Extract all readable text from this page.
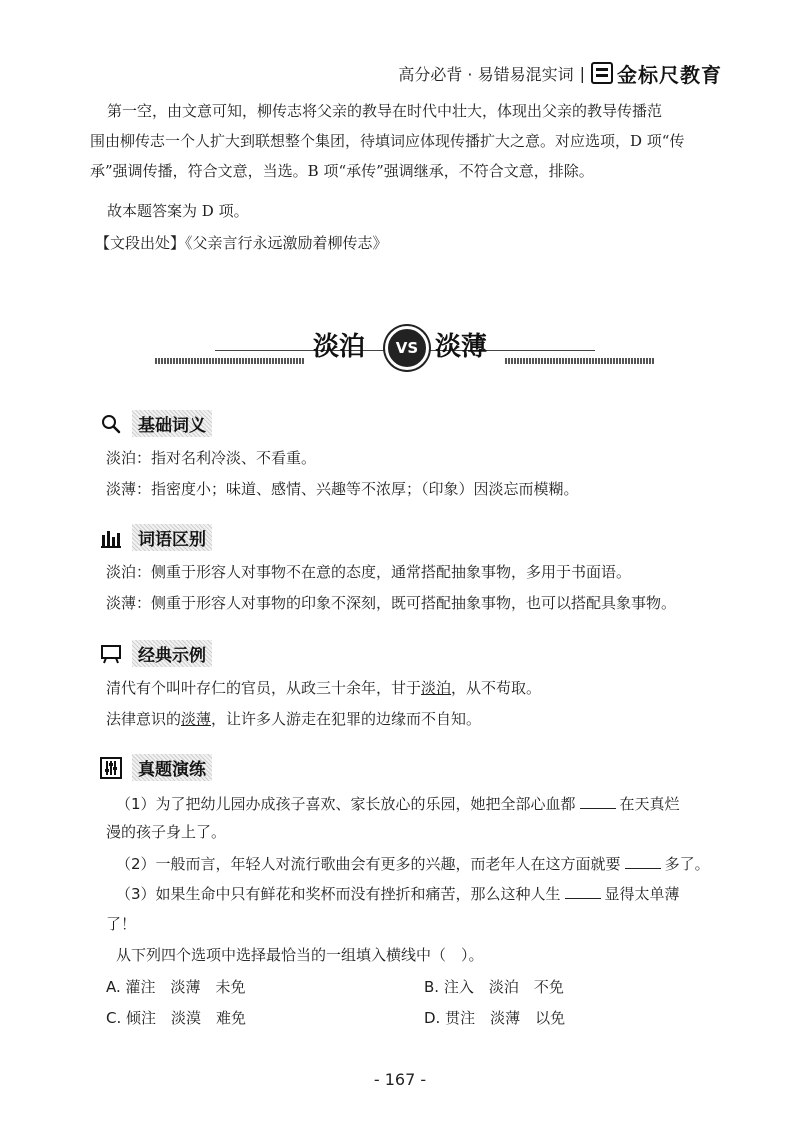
高分必背 · 易错易混实词 | 金标尺教育
第一空，由文意可知，柳传志将父亲的教导在时代中壮大，体现出父亲的教导传播范
围由柳传志一个人扩大到联想整个集团，待填词应体现传播扩大之意。对应选项，D 项“传
承”强调传播，符合文意，当选。B 项“承传”强调继承，不符合文意，排除。
故本题答案为 D 项。
【文段出处】《父亲言行永远激励着柳传志》
淡泊	VS 淡薄
基础词义
淡泊：指对名利冷淡、不看重。
淡薄：指密度小；味道、感情、兴趣等不浓厚；（印象）因淡忘而模糊。
词语区别
淡泊：侧重于形容人对事物不在意的态度，通常搭配抽象事物，多用于书面语。
淡薄：侧重于形容人对事物的印象不深刻，既可搭配抽象事物，也可以搭配具象事物。
经典示例
清代有个叫叶存仁的官员，从政三十余年，甘于淡泊，从不苟取。
法律意识的淡薄，让许多人游走在犯罪的边缘而不自知。
真题演练
（1）为了把幼儿园办成孩子喜欢、家长放心的乐园，她把全部心血都	在天真烂
漫的孩子身上了。
（2）一般而言，年轻人对流行歌曲会有更多的兴趣，而老年人在这方面就要	多了。
（3）如果生命中只有鲜花和奖杯而没有挫折和痛苦，那么这种人生	显得太单薄
了！
从下列四个选项中选择最恰当的一组填入横线中（　）。
A. 灌注　淡薄　未免	B. 注入　淡泊　不免
C. 倾注　淡漠　难免	D. 贯注　淡薄　以免
- 167 -
